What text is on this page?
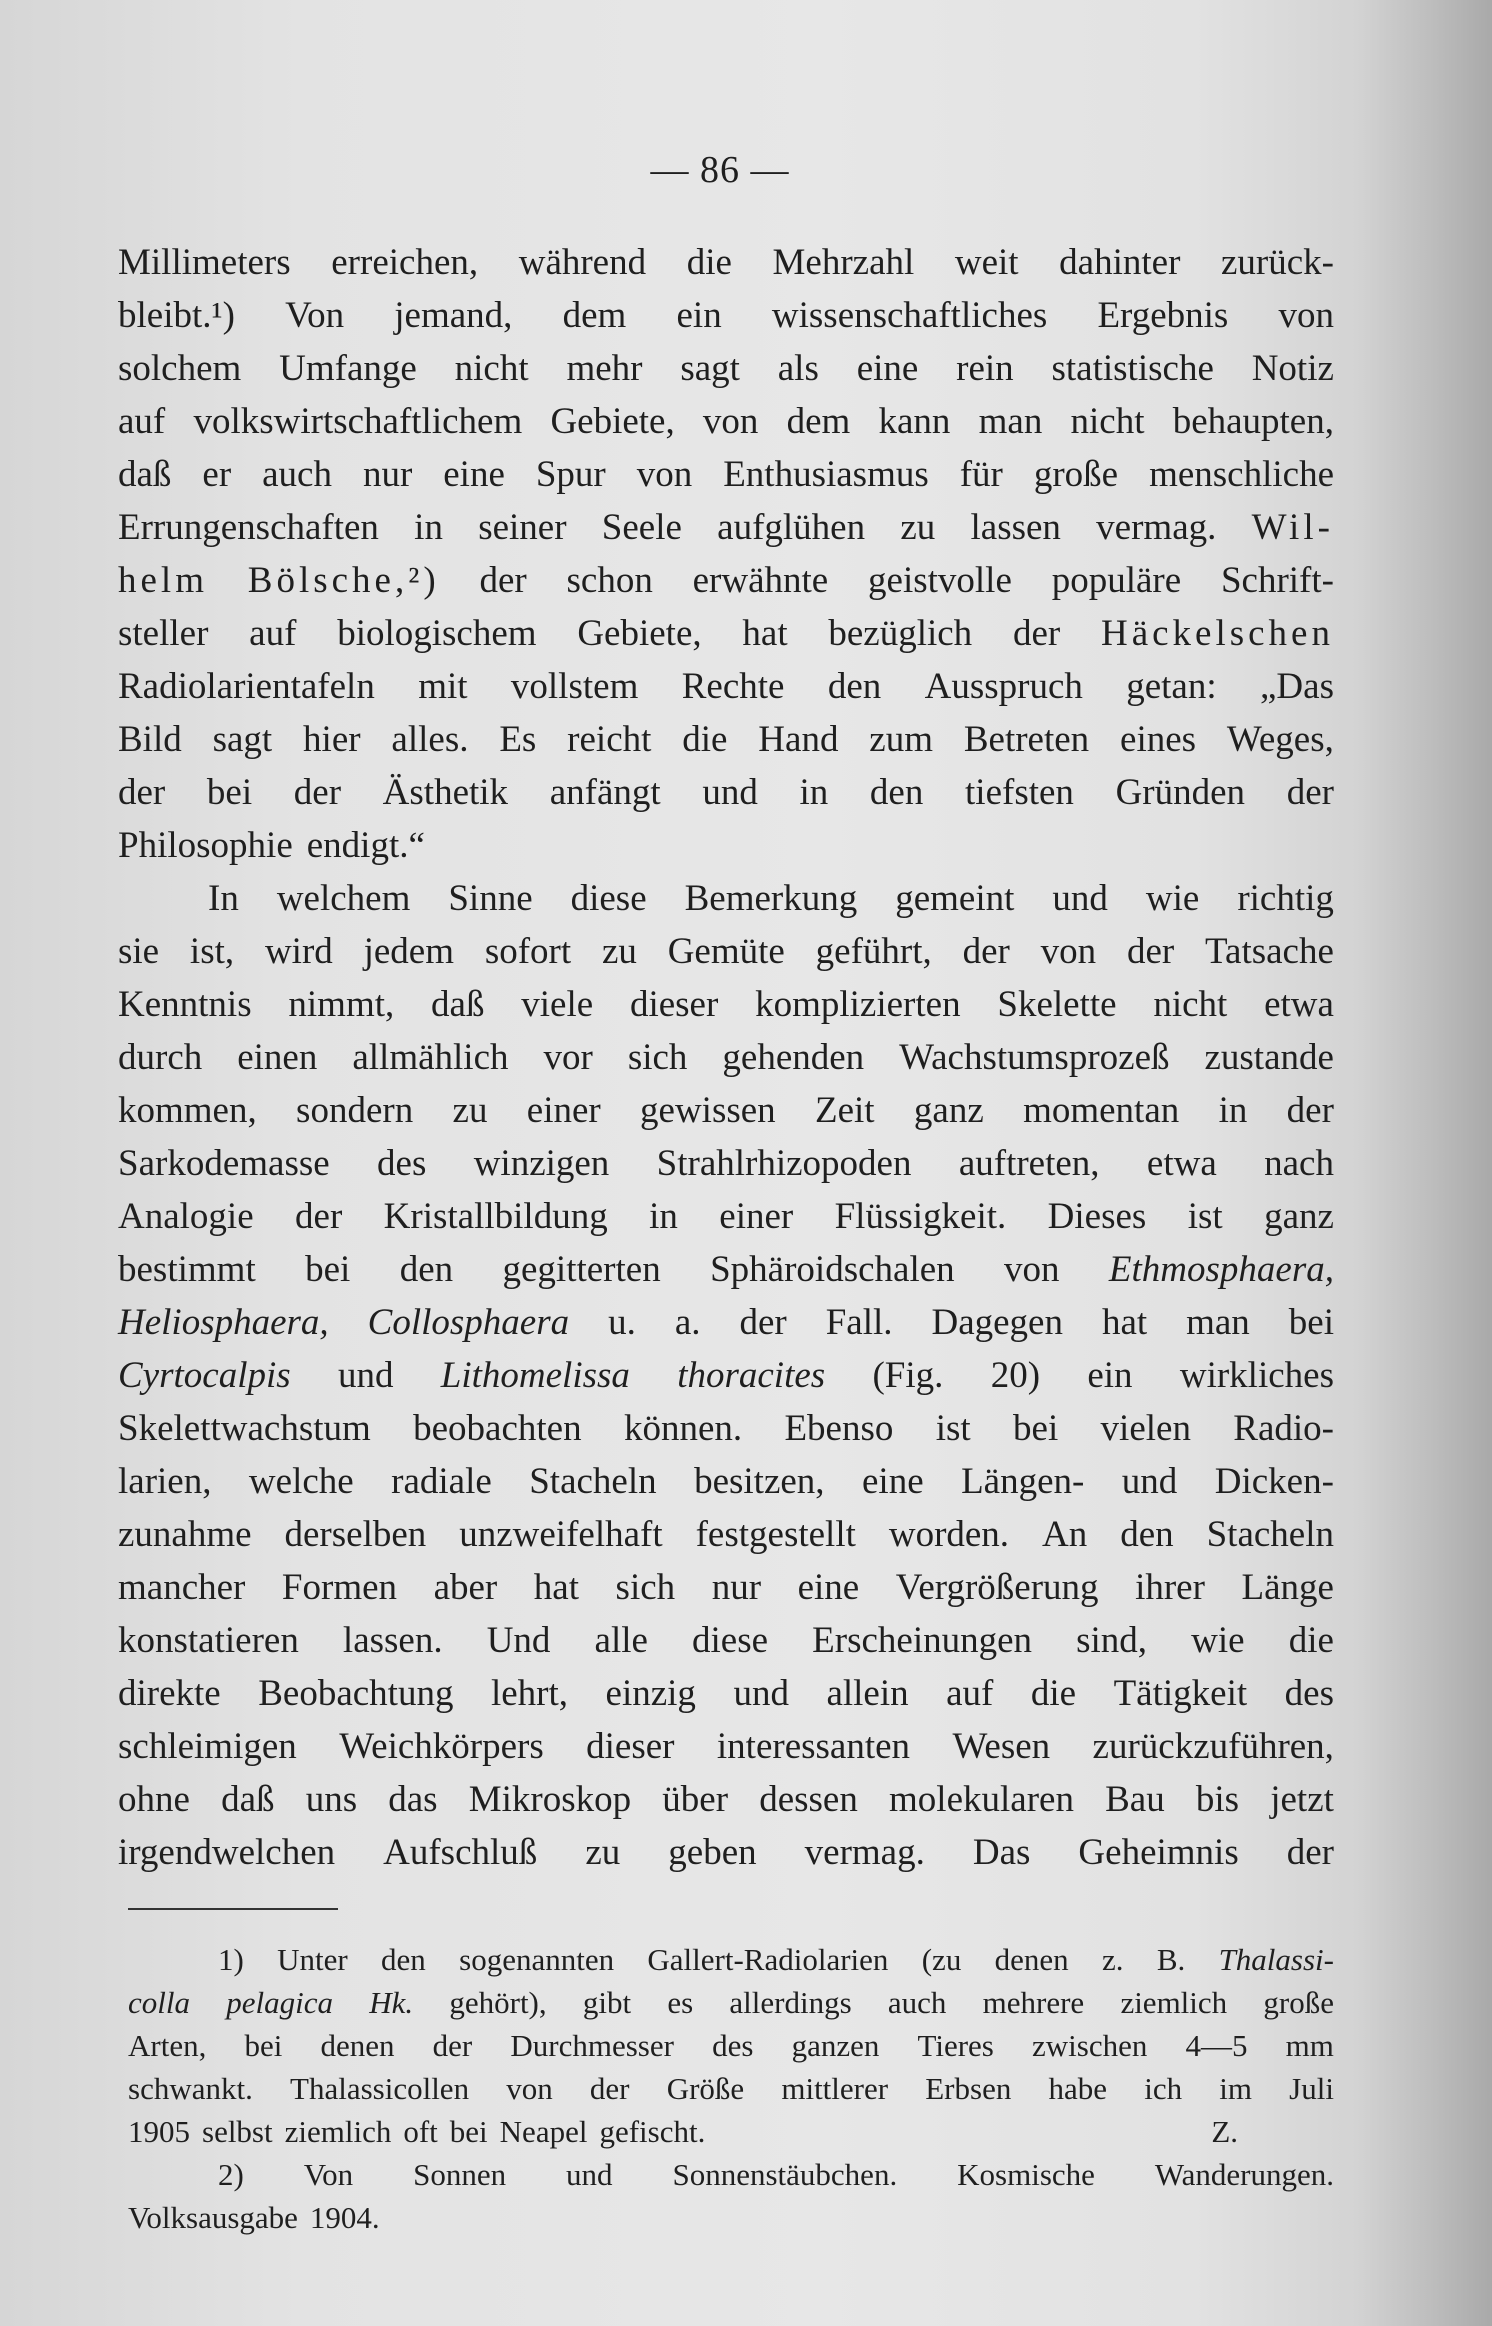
— 86 —
Millimeters erreichen, während die Mehrzahl weit dahinter zurück-
bleibt.¹) Von jemand, dem ein wissenschaftliches Ergebnis von
solchem Umfange nicht mehr sagt als eine rein statistische Notiz
auf volkswirtschaftlichem Gebiete, von dem kann man nicht behaupten,
daß er auch nur eine Spur von Enthusiasmus für große menschliche
Errungenschaften in seiner Seele aufglühen zu lassen vermag. Wil-
helm Bölsche,²) der schon erwähnte geistvolle populäre Schrift-
steller auf biologischem Gebiete, hat bezüglich der Häckelschen
Radiolarientafeln mit vollstem Rechte den Ausspruch getan: „Das
Bild sagt hier alles. Es reicht die Hand zum Betreten eines Weges,
der bei der Ästhetik anfängt und in den tiefsten Gründen der
Philosophie endigt.“
In welchem Sinne diese Bemerkung gemeint und wie richtig
sie ist, wird jedem sofort zu Gemüte geführt, der von der Tatsache
Kenntnis nimmt, daß viele dieser komplizierten Skelette nicht etwa
durch einen allmählich vor sich gehenden Wachstumsprozeß zustande
kommen, sondern zu einer gewissen Zeit ganz momentan in der
Sarkodemasse des winzigen Strahlrhizopoden auftreten, etwa nach
Analogie der Kristallbildung in einer Flüssigkeit. Dieses ist ganz
bestimmt bei den gegitterten Sphäroidschalen von Ethmosphaera,
Heliosphaera, Collosphaera u. a. der Fall. Dagegen hat man bei
Cyrtocalpis und Lithomelissa thoracites (Fig. 20) ein wirkliches
Skelettwachstum beobachten können. Ebenso ist bei vielen Radio-
larien, welche radiale Stacheln besitzen, eine Längen- und Dicken-
zunahme derselben unzweifelhaft festgestellt worden. An den Stacheln
mancher Formen aber hat sich nur eine Vergrößerung ihrer Länge
konstatieren lassen. Und alle diese Erscheinungen sind, wie die
direkte Beobachtung lehrt, einzig und allein auf die Tätigkeit des
schleimigen Weichkörpers dieser interessanten Wesen zurückzuführen,
ohne daß uns das Mikroskop über dessen molekularen Bau bis jetzt
irgendwelchen Aufschluß zu geben vermag. Das Geheimnis der
1) Unter den sogenannten Gallert-Radiolarien (zu denen z. B. Thalassi-
colla pelagica Hk. gehört), gibt es allerdings auch mehrere ziemlich große
Arten, bei denen der Durchmesser des ganzen Tieres zwischen 4—5 mm
schwankt. Thalassicollen von der Größe mittlerer Erbsen habe ich im Juli
1905 selbst ziemlich oft bei Neapel gefischt.	Z.
2) Von Sonnen und Sonnenstäubchen. Kosmische Wanderungen.
Volksausgabe 1904.
